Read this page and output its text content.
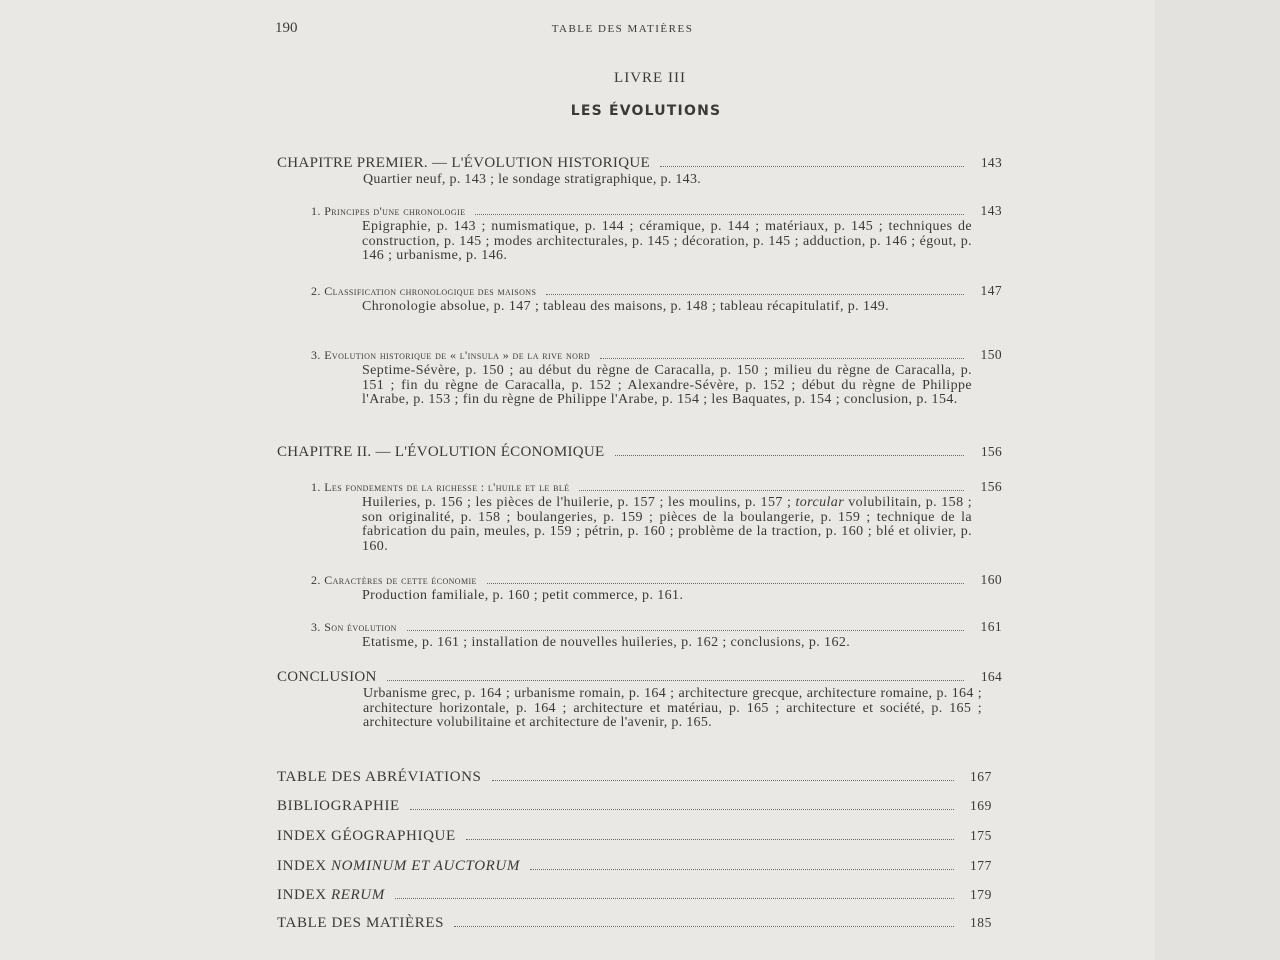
190	TABLE DES MATIÈRES
LIVRE III
LES ÉVOLUTIONS
CHAPITRE PREMIER. — L'ÉVOLUTION HISTORIQUE	143
Quartier neuf, p. 143 ; le sondage stratigraphique, p. 143.
1. Principes d'une chronologie	143
Epigraphie, p. 143 ; numismatique, p. 144 ; céramique, p. 144 ; matériaux, p. 145 ; techniques de construction, p. 145 ; modes architecturales, p. 145 ; décoration, p. 145 ; adduction, p. 146 ; égout, p. 146 ; urbanisme, p. 146.
2. Classification chronologique des maisons	147
Chronologie absolue, p. 147 ; tableau des maisons, p. 148 ; tableau récapitulatif, p. 149.
3. Evolution historique de « l'insula » de la rive nord	150
Septime-Sévère, p. 150 ; au début du règne de Caracalla, p. 150 ; milieu du règne de Caracalla, p. 151 ; fin du règne de Caracalla, p. 152 ; Alexandre-Sévère, p. 152 ; début du règne de Philippe l'Arabe, p. 153 ; fin du règne de Philippe l'Arabe, p. 154 ; les Baquates, p. 154 ; conclusion, p. 154.
CHAPITRE II. — L'ÉVOLUTION ÉCONOMIQUE	156
1. Les fondements de la richesse : l'huile et le blé	156
Huileries, p. 156 ; les pièces de l'huilerie, p. 157 ; les moulins, p. 157 ; torcular volubilitain, p. 158 ; son originalité, p. 158 ; boulangeries, p. 159 ; pièces de la boulangerie, p. 159 ; technique de la fabrication du pain, meules, p. 159 ; pétrin, p. 160 ; problème de la traction, p. 160 ; blé et olivier, p. 160.
2. Caractères de cette économie	160
Production familiale, p. 160 ; petit commerce, p. 161.
3. Son évolution	161
Etatisme, p. 161 ; installation de nouvelles huileries, p. 162 ; conclusions, p. 162.
CONCLUSION	164
Urbanisme grec, p. 164 ; urbanisme romain, p. 164 ; architecture grecque, architecture romaine, p. 164 ; architecture horizontale, p. 164 ; architecture et matériau, p. 165 ; architecture et société, p. 165 ; architecture volubilitaine et architecture de l'avenir, p. 165.
TABLE DES ABRÉVIATIONS	167
BIBLIOGRAPHIE	169
INDEX GÉOGRAPHIQUE	175
INDEX NOMINUM ET AUCTORUM	177
INDEX RERUM	179
TABLE DES MATIÈRES	185
